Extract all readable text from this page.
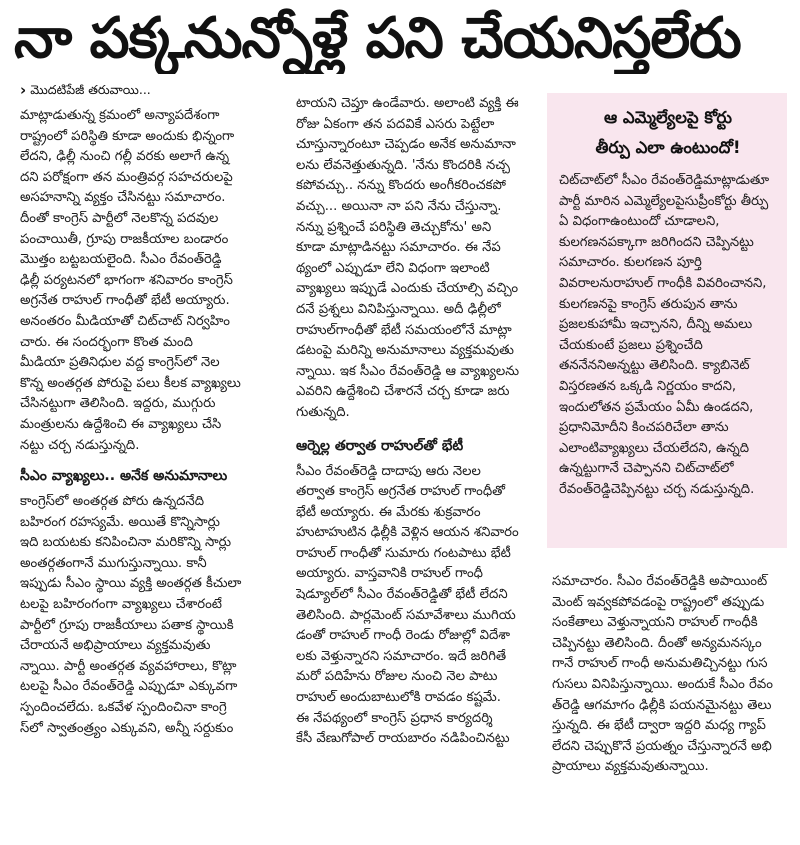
నా పక్కనున్నోళ్లే పని చేయనిస్తలేరు
› మొదటిపేజీ తరువాయి...
మాట్లాడుతున్న క్రమంలో అన్యాపదేశంగా
రాష్ట్రంలో పరిస్థితి కూడా అందుకు భిన్నంగా
లేదని, ఢిల్లీ నుంచి గల్లీ వరకు అలాగే ఉన్న
దని పరోక్షంగా తన మంత్రివర్గ సహచరులపై
అసహనాన్ని వ్యక్తం చేసినట్టు సమాచారం.
దీంతో కాంగ్రెస్ పార్టీలో నెలకొన్న పదవుల
పంచాయితీ, గ్రూపు రాజకీయాల బండారం
మొత్తం బట్టబయలైంది. సీఎం రేవంత్‌రెడ్డి
ఢిల్లీ పర్యటనలో భాగంగా శనివారం కాంగ్రెస్
అగ్రనేత రాహుల్ గాంధీతో భేటీ అయ్యారు.
అనంతరం మీడియాతో చిట్‌చాట్ నిర్వహిం
చారు. ఈ సందర్భంగా కొంత మంది
మీడియా ప్రతినిధుల వద్ద కాంగ్రెస్‌లో నెల
కొన్న అంతర్గత పోరుపై పలు కీలక వ్యాఖ్యలు
చేసినట్టుగా తెలిసింది. ఇద్దరు, ముగ్గురు
మంత్రులను ఉద్దేశించి ఈ వ్యాఖ్యలు చేసి
నట్టు చర్చ నడుస్తున్నది.
సీఎం వ్యాఖ్యలు.. అనేక అనుమానాలు
కాంగ్రెస్‌లో అంతర్గత పోరు ఉన్నదనేది
బహిరంగ రహస్యమే. అయితే కొన్నిసార్లు
ఇది బయటకు కనిపించినా మరికొన్ని సార్లు
అంతర్గతంగానే ముగుస్తున్నాయి. కానీ
ఇప్పుడు సీఎం స్థాయి వ్యక్తి అంతర్గత కీచులా
టలపై బహిరంగంగా వ్యాఖ్యలు చేశారంటే
పార్టీలో గ్రూపు రాజకీయాలు పతాక స్థాయికి
చేరాయనే అభిప్రాయాలు వ్యక్తమవుతు
న్నాయి. పార్టీ అంతర్గత వ్యవహారాలు, కొట్లా
టలపై సీఎం రేవంత్‌రెడ్డి ఎప్పుడూ ఎక్కువగా
స్పందించలేదు. ఒకవేళ స్పందించినా కాంగ్రె
స్‌లో స్వాతంత్ర్యం ఎక్కువని, అన్నీ సర్దుకుం
టాయని చెప్తూ ఉండేవారు. అలాంటి వ్యక్తి ఈ
రోజు ఏకంగా తన పదవికే ఎసరు పెట్టేలా
చూస్తున్నారంటూ చెప్పడం అనేక అనుమానా
లను లేవనెత్తుతున్నది. 'నేను కొందరికి నచ్చ
కపోవచ్చు.. నన్ను కొందరు అంగీకరించకపో
వచ్చు... అయినా నా పని నేను చేస్తున్నా.
నన్ను ప్రశ్నించే పరిస్థితి తెచ్చుకోను' అని
కూడా మాట్లాడినట్టు సమాచారం. ఈ నేప
థ్యంలో ఎప్పుడూ లేని విధంగా ఇలాంటి
వ్యాఖ్యలు ఇప్పుడే ఎందుకు చేయాల్సి వచ్చిం
దనే ప్రశ్నలు వినిపిస్తున్నాయి. అదీ ఢిల్లీలో
రాహుల్‌గాంధీతో భేటీ సమయంలోనే మాట్లా
డటంపై మరిన్ని అనుమానాలు వ్యక్తమవుతు
న్నాయి. ఇక సీఎం రేవంత్‌రెడ్డి ఆ వ్యాఖ్యలను
ఎవరిని ఉద్దేశించి చేశారనే చర్చ కూడా జరు
గుతున్నది.
ఆర్నెల్ల తర్వాత రాహుల్‌తో భేటీ
సీఎం రేవంత్‌రెడ్డి దాదాపు ఆరు నెలల
తర్వాత కాంగ్రెస్ అగ్రనేత రాహుల్ గాంధీతో
భేటీ అయ్యారు. ఈ మేరకు శుక్రవారం
హుటాహుటిన ఢిల్లీకి వెళ్లిన ఆయన శనివారం
రాహుల్ గాంధీతో సుమారు గంటపాటు భేటీ
అయ్యారు. వాస్తవానికి రాహుల్ గాంధీ
షెడ్యూల్‌లో సీఎం రేవంత్‌రెడ్డితో భేటీ లేదని
తెలిసింది. పార్లమెంట్ సమావేశాలు ముగియ
డంతో రాహుల్ గాంధీ రెండు రోజుల్లో విదేశా
లకు వెళ్తున్నారని సమాచారం. ఇదే జరిగితే
మరో పదిహేను రోజుల నుంచి నెల పాటు
రాహుల్ అందుబాటులోకి రావడం కష్టమే.
ఈ నేపథ్యంలో కాంగ్రెస్ ప్రధాన కార్యదర్శి
కేసీ వేణుగోపాల్ రాయబారం నడిపించినట్టు
ఆ ఎమ్మెల్యేలపై కోర్టు
తీర్పు ఎలా ఉంటుందో!
చిట్‌చాట్‌లో సీఎం రేవంత్‌రెడ్డిమాట్లాడుతూ పార్టీ మారిన ఎమ్మెల్యేలపైసుప్రీంకోర్టు తీర్పు ఏ విధంగాఉంటుందో చూడాలని, కులగణనపక్కాగా జరిగిందని చెప్పినట్టు సమాచారం. కులగణన పూర్తి వివరాలనురాహుల్ గాంధీకి వివరించానని, కులగణనపై కాంగ్రెస్ తరుపున తాను ప్రజలకుహామీ ఇచ్చానని, దీన్ని అమలు చేయకుంటే ప్రజలు ప్రశ్నించేది తననేననిఅన్నట్టు తెలిసింది. క్యాబినెట్ విస్తరణతన ఒక్కడి నిర్ణయం కాదని, ఇందులోతన ప్రమేయం ఏమీ ఉండదని, ప్రధానిమోదీని కించపరిచేలా తాను ఎలాంటివ్యాఖ్యలు చేయలేదని, ఉన్నది ఉన్నట్టుగానే చెప్పానని చిట్‌చాట్‌లో రేవంత్‌రెడ్డిచెప్పినట్టు చర్చ నడుస్తున్నది.
సమాచారం. సీఎం రేవంత్‌రెడ్డికి అపాయింట్
మెంట్ ఇవ్వకపోవడంపై రాష్ట్రంలో తప్పుడు
సంకేతాలు వెళ్తున్నాయని రాహుల్ గాంధీకి
చెప్పినట్టు తెలిసింది. దీంతో అన్యమనస్కం
గానే రాహుల్ గాంధీ అనుమతిచ్చినట్టు గుస
గుసలు వినిపిస్తున్నాయి. అందుకే సీఎం రేవం
త్‌రెడ్డి ఆగమాగం ఢిల్లీకి పయనమైనట్టు తెలు
స్తున్నది. ఈ భేటీ ద్వారా ఇద్దరి మధ్య గ్యాప్
లేదని చెప్పుకొనే ప్రయత్నం చేస్తున్నారనే అభి
ప్రాయాలు వ్యక్తమవుతున్నాయి.
